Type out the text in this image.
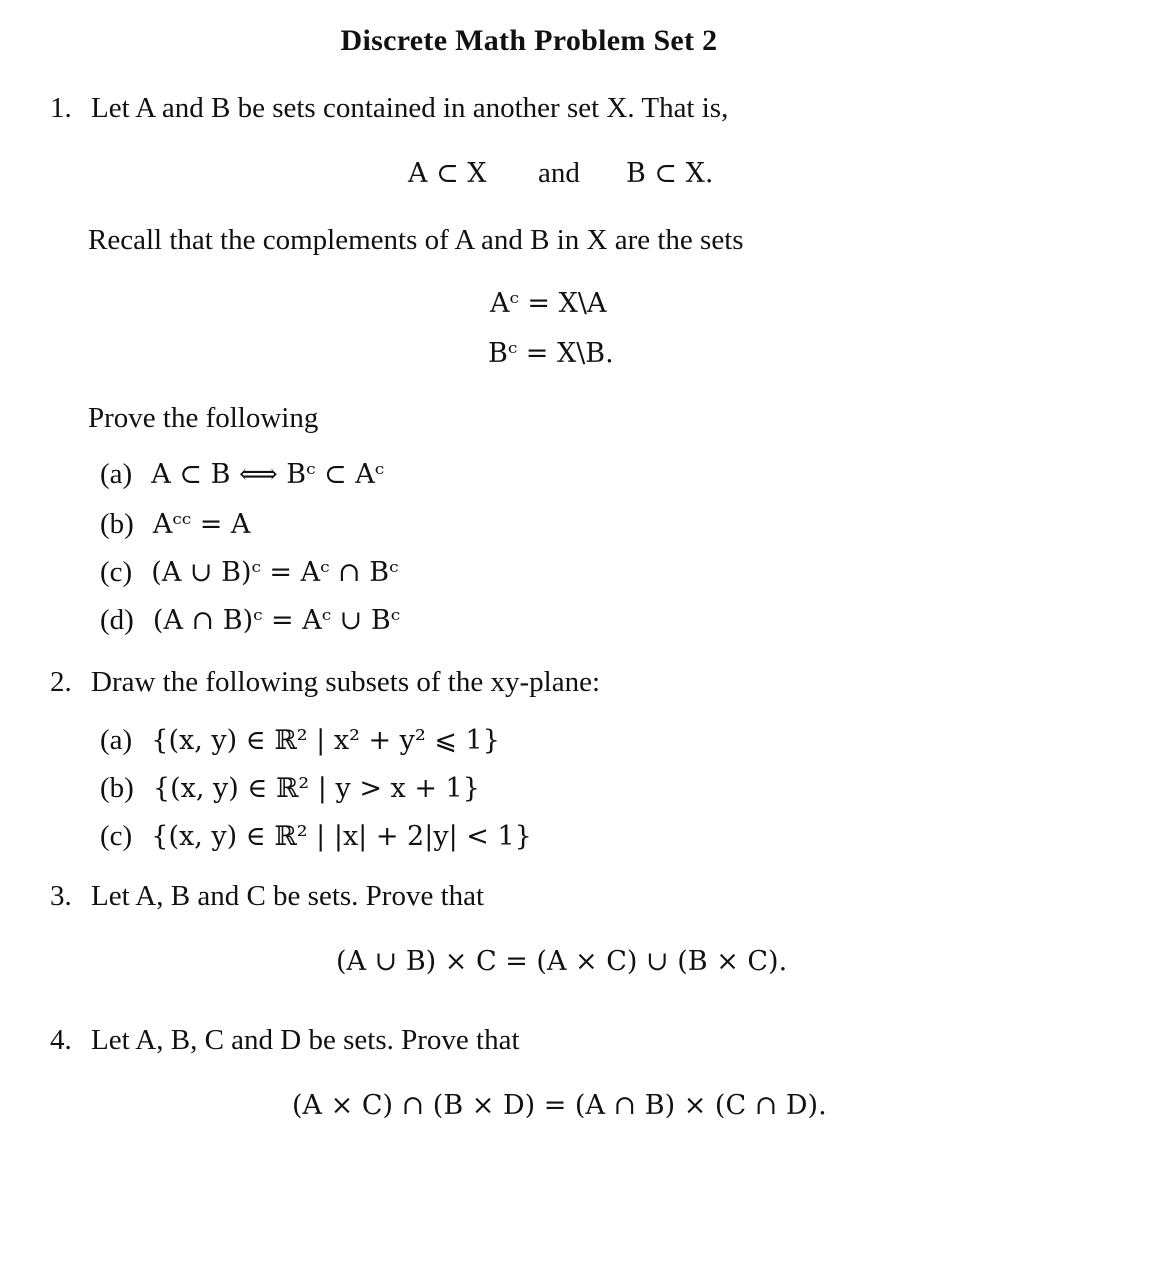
Discrete Math Problem Set 2
1. Let A and B be sets contained in another set X. That is,
A ⊂ X and B ⊂ X.
Recall that the complements of A and B in X are the sets
Aᶜ = X\A
Bᶜ = X\B.
Prove the following
(a) A ⊂ B ⟺ Bᶜ ⊂ Aᶜ
(b) Aᶜᶜ = A
(c) (A ∪ B)ᶜ = Aᶜ ∩ Bᶜ
(d) (A ∩ B)ᶜ = Aᶜ ∪ Bᶜ
2. Draw the following subsets of the xy-plane:
(a) {(x, y) ∈ ℝ² | x² + y² ⩽ 1}
(b) {(x, y) ∈ ℝ² | y > x + 1}
(c) {(x, y) ∈ ℝ² | |x| + 2|y| < 1}
3. Let A, B and C be sets. Prove that
(A ∪ B) × C = (A × C) ∪ (B × C).
4. Let A, B, C and D be sets. Prove that
(A × C) ∩ (B × D) = (A ∩ B) × (C ∩ D).
